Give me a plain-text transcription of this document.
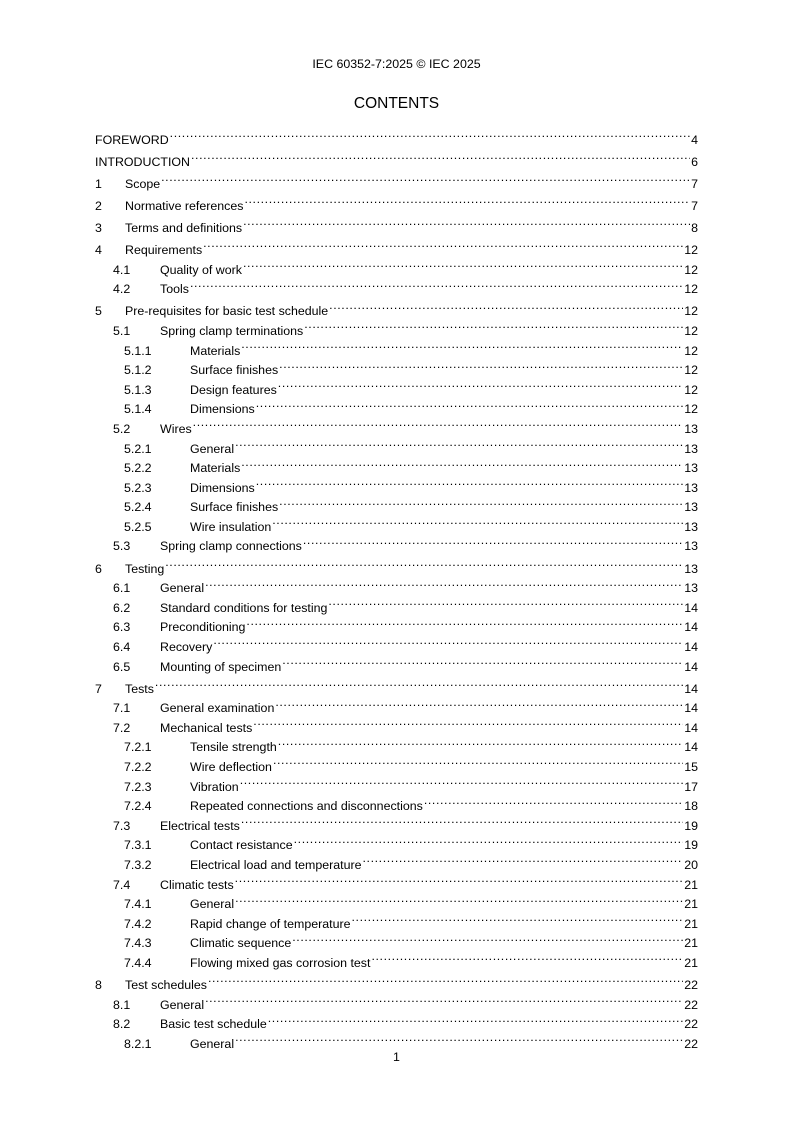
IEC 60352-7:2025 © IEC 2025
CONTENTS
FOREWORD .....	4
INTRODUCTION .....	6
1	Scope .....	7
2	Normative references .....	7
3	Terms and definitions .....	8
4	Requirements .....	12
4.1	Quality of work .....	12
4.2	Tools .....	12
5	Pre-requisites for basic test schedule .....	12
5.1	Spring clamp terminations .....	12
5.1.1	Materials .....	12
5.1.2	Surface finishes .....	12
5.1.3	Design features .....	12
5.1.4	Dimensions .....	12
5.2	Wires .....	13
5.2.1	General .....	13
5.2.2	Materials .....	13
5.2.3	Dimensions .....	13
5.2.4	Surface finishes .....	13
5.2.5	Wire insulation .....	13
5.3	Spring clamp connections .....	13
6	Testing .....	13
6.1	General .....	13
6.2	Standard conditions for testing .....	14
6.3	Preconditioning .....	14
6.4	Recovery .....	14
6.5	Mounting of specimen .....	14
7	Tests .....	14
7.1	General examination .....	14
7.2	Mechanical tests .....	14
7.2.1	Tensile strength .....	14
7.2.2	Wire deflection .....	15
7.2.3	Vibration .....	17
7.2.4	Repeated connections and disconnections .....	18
7.3	Electrical tests .....	19
7.3.1	Contact resistance .....	19
7.3.2	Electrical load and temperature .....	20
7.4	Climatic tests .....	21
7.4.1	General .....	21
7.4.2	Rapid change of temperature .....	21
7.4.3	Climatic sequence .....	21
7.4.4	Flowing mixed gas corrosion test .....	21
8	Test schedules .....	22
8.1	General .....	22
8.2	Basic test schedule .....	22
8.2.1	General .....	22
1
